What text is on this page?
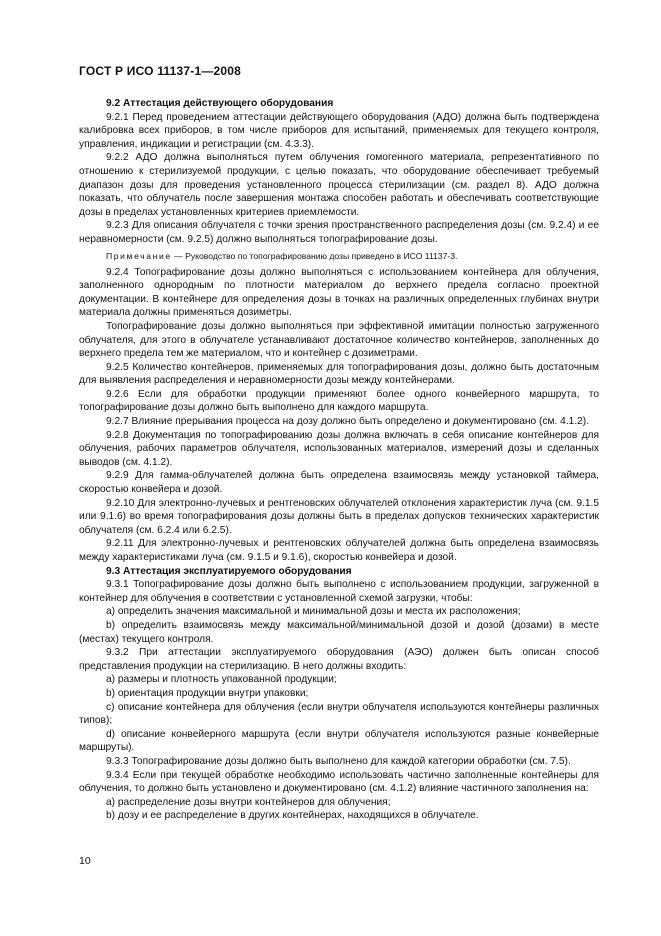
ГОСТ Р ИСО 11137-1—2008

9.2 Аттестация действующего оборудования

9.2.1 Перед проведением аттестации действующего оборудования (АДО) должна быть подтверждена калибровка всех приборов, в том числе приборов для испытаний, применяемых для текущего контроля, управления, индикации и регистрации (см. 4.3.3).

9.2.2 АДО должна выполняться путем облучения гомогенного материала, репрезентативного по отношению к стерилизуемой продукции, с целью показать, что оборудование обеспечивает требуемый диапазон дозы для проведения установленного процесса стерилизации (см. раздел 8). АДО должна показать, что облучатель после завершения монтажа способен работать и обеспечивать соответствующие дозы в пределах установленных критериев приемлемости.

9.2.3 Для описания облучателя с точки зрения пространственного распределения дозы (см. 9.2.4) и ее неравномерности (см. 9.2.5) должно выполняться топографирование дозы.

Примечание — Руководство по топографированию дозы приведено в ИСО 11137-3.

9.2.4 Топографирование дозы должно выполняться с использованием контейнера для облучения, заполненного однородным по плотности материалом до верхнего предела согласно проектной документации. В контейнере для определения дозы в точках на различных определенных глубинах внутри материала должны применяться дозиметры.

Топографирование дозы должно выполняться при эффективной имитации полностью загруженного облучателя, для этого в облучателе устанавливают достаточное количество контейнеров, заполненных до верхнего предела тем же материалом, что и контейнер с дозиметрами.

9.2.5 Количество контейнеров, применяемых для топографирования дозы, должно быть достаточным для выявления распределения и неравномерности дозы между контейнерами.

9.2.6 Если для обработки продукции применяют более одного конвейерного маршрута, то топографирование дозы должно быть выполнено для каждого маршрута.

9.2.7 Влияние прерывания процесса на дозу должно быть определено и документировано (см. 4.1.2).

9.2.8 Документация по топографированию дозы должна включать в себя описание контейнеров для облучения, рабочих параметров облучателя, использованных материалов, измерений дозы и сделанных выводов (см. 4.1.2).

9.2.9 Для гамма-облучателей должна быть определена взаимосвязь между установкой таймера, скоростью конвейера и дозой.

9.2.10 Для электронно-лучевых и рентгеновских облучателей отклонения характеристик луча (см. 9.1.5 или 9.1.6) во время топографирования дозы должны быть в пределах допусков технических характеристик облучателя (см. 6.2.4 или 6.2.5).

9.2.11 Для электронно-лучевых и рентгеновских облучателей должна быть определена взаимосвязь между характеристиками луча (см. 9.1.5 и 9.1.6), скоростью конвейера и дозой.

9.3 Аттестация эксплуатируемого оборудования

9.3.1 Топографирование дозы должно быть выполнено с использованием продукции, загруженной в контейнер для облучения в соответствии с установленной схемой загрузки, чтобы:

a) определить значения максимальной и минимальной дозы и места их расположения;

b) определить взаимосвязь между максимальной/минимальной дозой и дозой (дозами) в месте (местах) текущего контроля.

9.3.2 При аттестации эксплуатируемого оборудования (АЭО) должен быть описан способ представления продукции на стерилизацию. В него должны входить:

a) размеры и плотность упакованной продукции;

b) ориентация продукции внутри упаковки;

c) описание контейнера для облучения (если внутри облучателя используются контейнеры различных типов);

d) описание конвейерного маршрута (если внутри облучателя используются разные конвейерные маршруты).

9.3.3 Топографирование дозы должно быть выполнено для каждой категории обработки (см. 7.5).

9.3.4 Если при текущей обработке необходимо использовать частично заполненные контейнеры для облучения, то должно быть установлено и документировано (см. 4.1.2) влияние частичного заполнения на:

a) распределение дозы внутри контейнеров для облучения;

b) дозу и ее распределение в других контейнерах, находящихся в облучателе.

10
